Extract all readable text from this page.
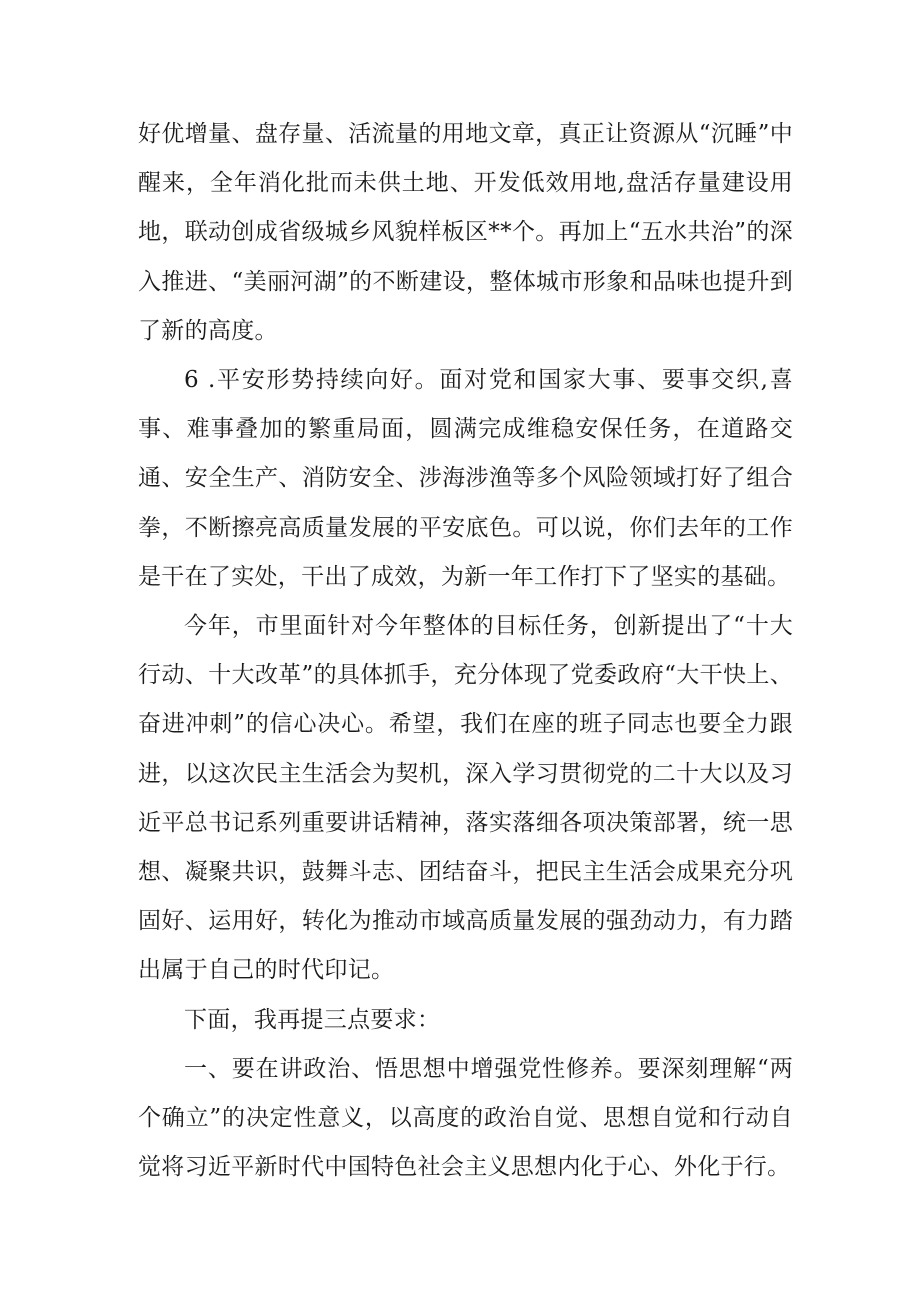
好优增量、盘存量、活流量的用地文章，真正让资源从“沉睡”中醒来，全年消化批而未供土地、开发低效用地,盘活存量建设用地，联动创成省级城乡风貌样板区**个。再加上“五水共治”的深入推进、“美丽河湖”的不断建设，整体城市形象和品味也提升到了新的高度。

6 .平安形势持续向好。面对党和国家大事、要事交织,喜事、难事叠加的繁重局面，圆满完成维稳安保任务，在道路交通、安全生产、消防安全、涉海涉渔等多个风险领域打好了组合拳，不断擦亮高质量发展的平安底色。可以说，你们去年的工作是干在了实处，干出了成效，为新一年工作打下了坚实的基础。

今年，市里面针对今年整体的目标任务，创新提出了“十大行动、十大改革”的具体抓手，充分体现了党委政府“大干快上、奋进冲刺”的信心决心。希望，我们在座的班子同志也要全力跟进，以这次民主生活会为契机，深入学习贯彻党的二十大以及习近平总书记系列重要讲话精神，落实落细各项决策部署，统一思想、凝聚共识，鼓舞斗志、团结奋斗，把民主生活会成果充分巩固好、运用好，转化为推动市域高质量发展的强劲动力，有力踏出属于自己的时代印记。

下面，我再提三点要求：

一、要在讲政治、悟思想中增强党性修养。要深刻理解“两个确立”的决定性意义，以高度的政治自觉、思想自觉和行动自觉将习近平新时代中国特色社会主义思想内化于心、外化于行。
